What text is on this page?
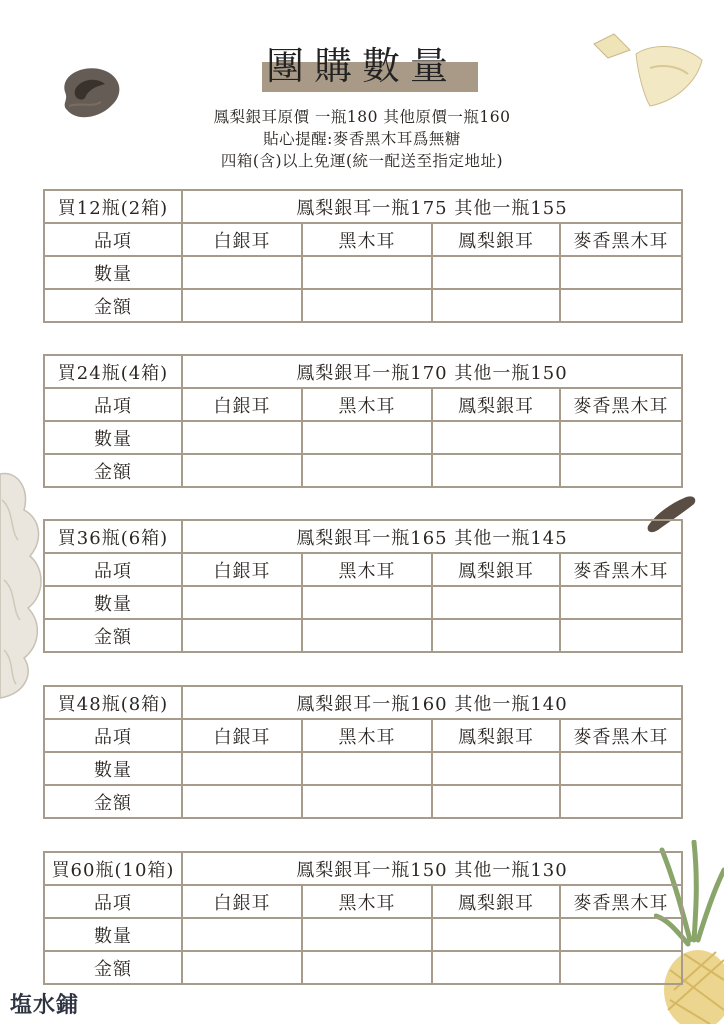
團購數量
鳳梨銀耳原價 一瓶180 其他原價一瓶160
貼心提醒:麥香黑木耳爲無糖
四箱(含)以上免運(統一配送至指定地址)
買12瓶(2箱)	鳳梨銀耳一瓶175 其他一瓶155			
品項	白銀耳	黑木耳	鳳梨銀耳	麥香黑木耳
數量				
金額				
買24瓶(4箱)	鳳梨銀耳一瓶170 其他一瓶150			
品項	白銀耳	黑木耳	鳳梨銀耳	麥香黑木耳
數量				
金額				
買36瓶(6箱)	鳳梨銀耳一瓶165 其他一瓶145			
品項	白銀耳	黑木耳	鳳梨銀耳	麥香黑木耳
數量				
金額				
買48瓶(8箱)	鳳梨銀耳一瓶160 其他一瓶140			
品項	白銀耳	黑木耳	鳳梨銀耳	麥香黑木耳
數量				
金額				
買60瓶(10箱)	鳳梨銀耳一瓶150 其他一瓶130			
品項	白銀耳	黑木耳	鳳梨銀耳	麥香黑木耳
數量				
金額				
塩水鋪
